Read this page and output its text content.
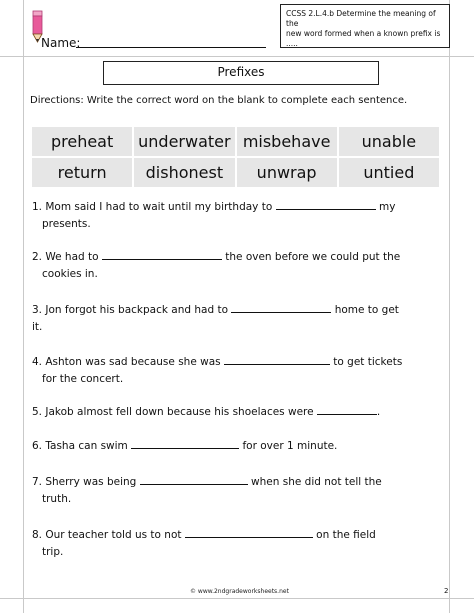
Name:
CCSS 2.L.4.b Determine the meaning of the
new word formed when a known prefix is .....
Prefixes
Directions: Write the correct word on the blank to complete each sentence.
preheat	underwater	misbehave	unable
return	dishonest	unwrap	untied
1. Mom said I had to wait until my birthday to	my
presents.
2. We had to	the oven before we could put the
cookies in.
3. Jon forgot his backpack and had to	home to get
it.
4. Ashton was sad because she was	to get tickets
for the concert.
5. Jakob almost fell down because his shoelaces were	.
6. Tasha can swim	for over 1 minute.
7. Sherry was being	when she did not tell the
truth.
8. Our teacher told us to not	on the field
trip.
© www.2ndgradeworksheets.net	2
